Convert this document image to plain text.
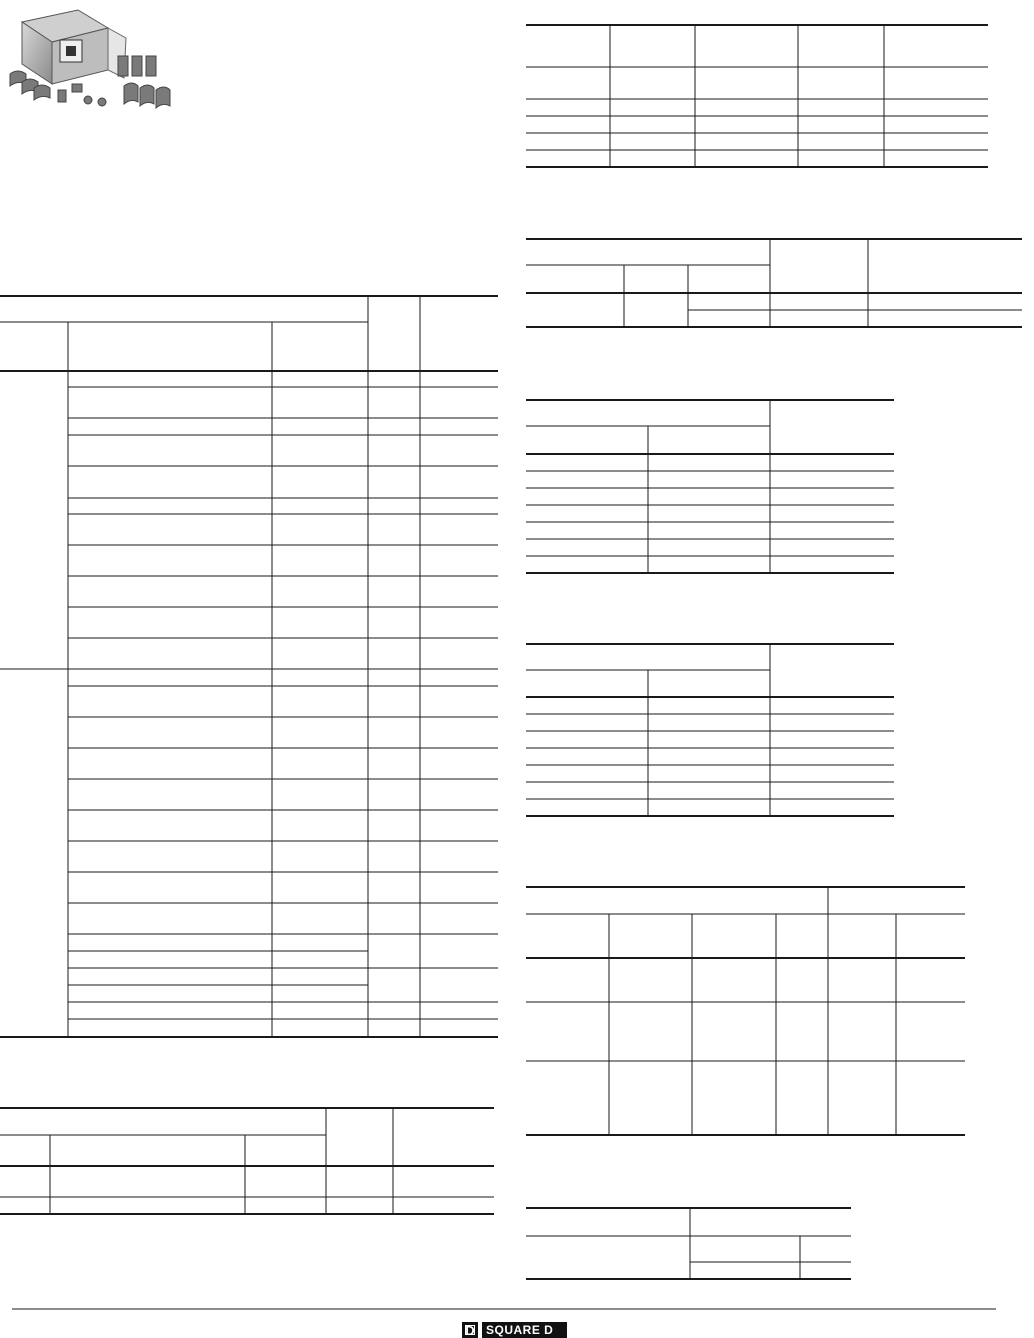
D SQUARE D
